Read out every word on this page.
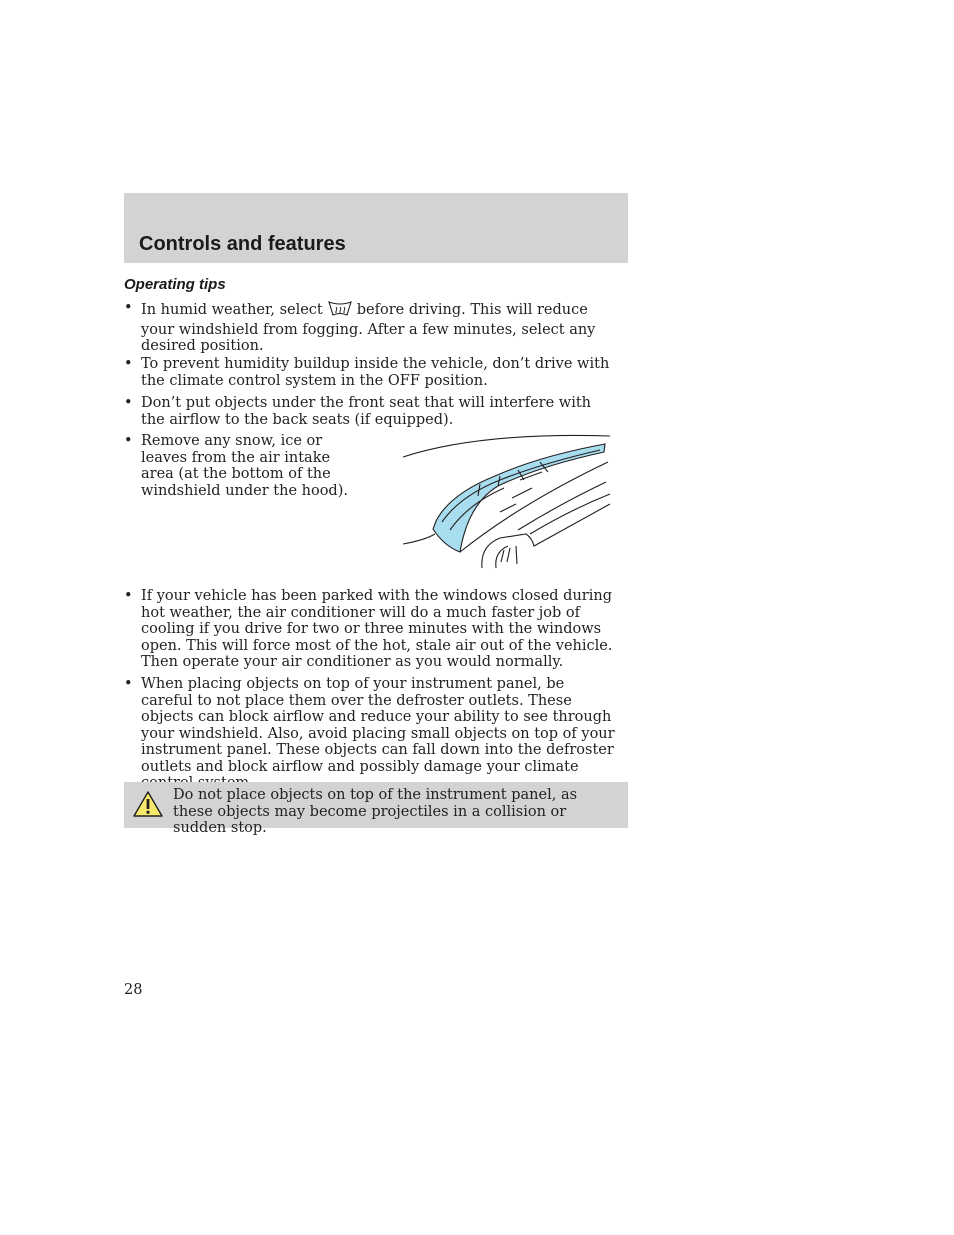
Controls and features
Operating tips
• In humid weather, select before driving. This will reduce your windshield from fogging. After a few minutes, select any desired position.
• To prevent humidity buildup inside the vehicle, don’t drive with the climate control system in the OFF position.
• Don’t put objects under the front seat that will interfere with the airflow to the back seats (if equipped).
• Remove any snow, ice or leaves from the air intake area (at the bottom of the windshield under the hood).
• If your vehicle has been parked with the windows closed during hot weather, the air conditioner will do a much faster job of cooling if you drive for two or three minutes with the windows open. This will force most of the hot, stale air out of the vehicle. Then operate your air conditioner as you would normally.
• When placing objects on top of your instrument panel, be careful to not place them over the defroster outlets. These objects can block airflow and reduce your ability to see through your windshield. Also, avoid placing small objects on top of your instrument panel. These objects can fall down into the defroster outlets and block airflow and possibly damage your climate
Do not place objects on top of the instrument panel, as these objects may become projectiles in a collision or sudden stop.
28
